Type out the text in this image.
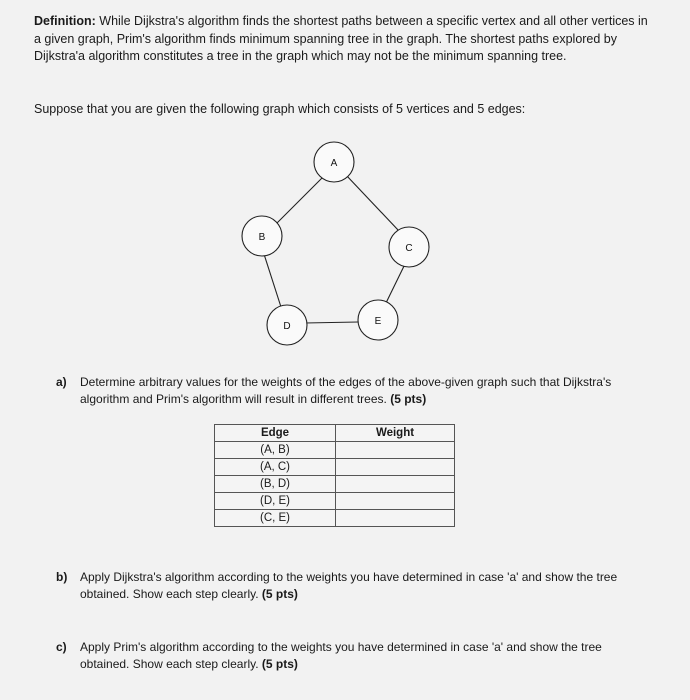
Definition: While Dijkstra's algorithm finds the shortest paths between a specific vertex and all other vertices in a given graph, Prim's algorithm finds minimum spanning tree in the graph. The shortest paths explored by Dijkstra'a algorithm constitutes a tree in the graph which may not be the minimum spanning tree.
Suppose that you are given the following graph which consists of 5 vertices and 5 edges:
A
B
C
D	E
a) Determine arbitrary values for the weights of the edges of the above-given graph such that Dijkstra's algorithm and Prim's algorithm will result in different trees. (5 pts)
Edge	Weight
(A, B)	
(A, C)	
(B, D)	
(D, E)	
(C, E)	
b) Apply Dijkstra's algorithm according to the weights you have determined in case 'a' and show the tree obtained. Show each step clearly. (5 pts)
c) Apply Prim's algorithm according to the weights you have determined in case 'a' and show the tree obtained. Show each step clearly. (5 pts)
